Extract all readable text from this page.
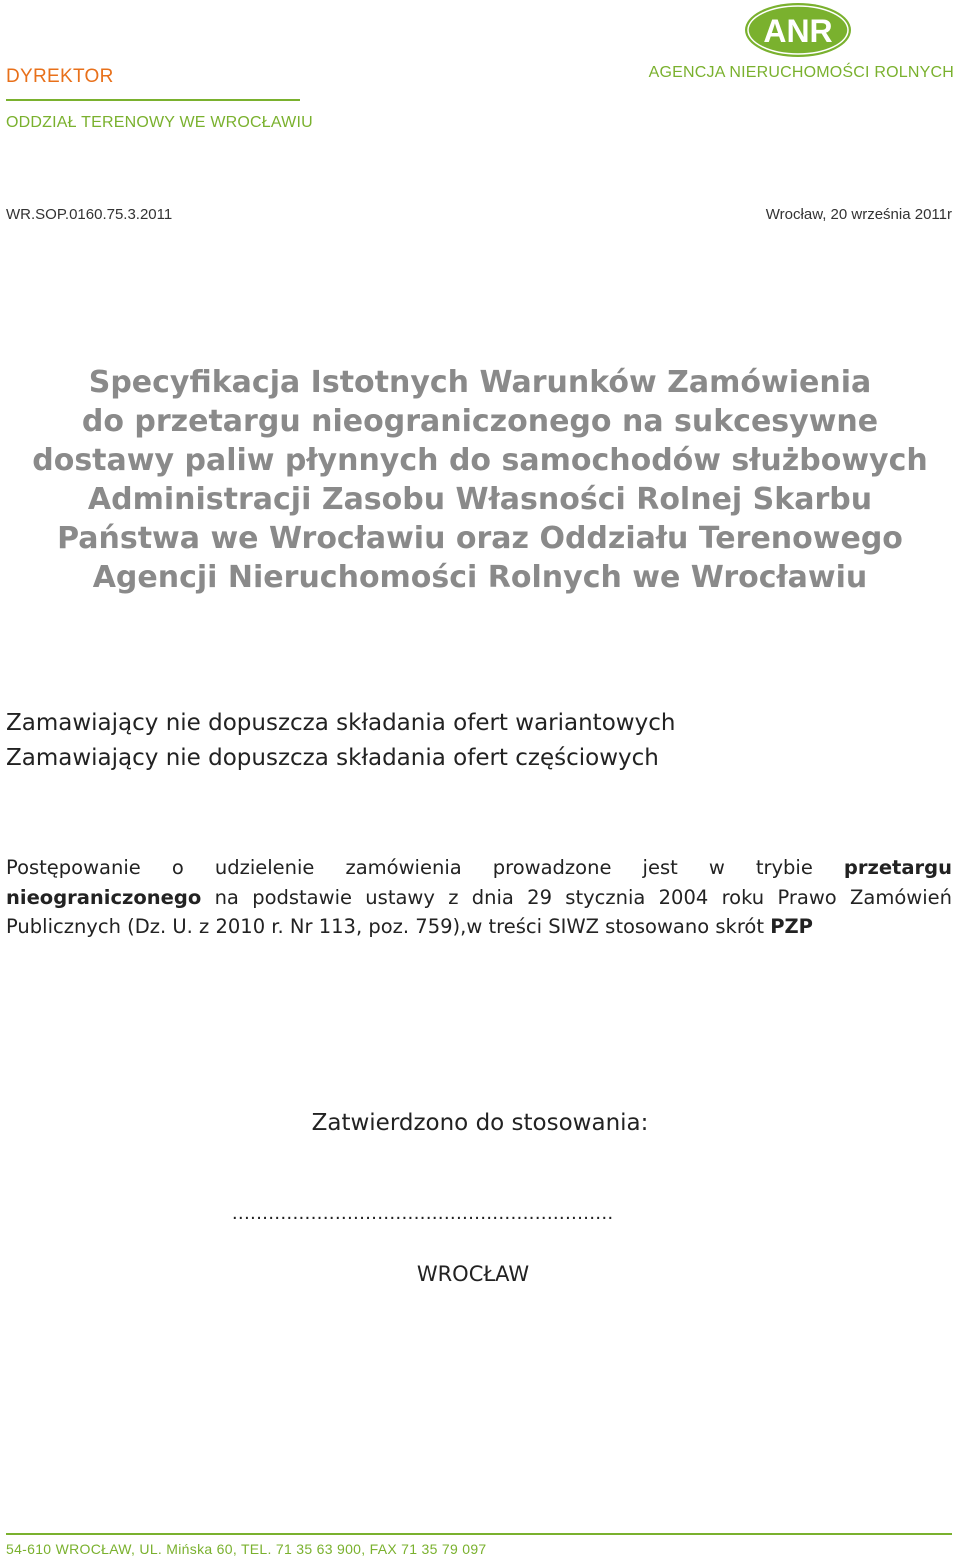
DYREKTOR
ODDZIAŁ TERENOWY WE WROCŁAWIU
ANR
AGENCJA NIERUCHOMOŚCI ROLNYCH
WR.SOP.0160.75.3.2011	Wrocław, 20 września 2011r
Specyfikacja Istotnych Warunków Zamówienia
do przetargu nieograniczonego na sukcesywne
dostawy paliw płynnych do samochodów służbowych
Administracji Zasobu Własności Rolnej Skarbu
Państwa we Wrocławiu oraz Oddziału Terenowego
Agencji Nieruchomości Rolnych we Wrocławiu
Zamawiający nie dopuszcza składania ofert wariantowych
Zamawiający nie dopuszcza składania ofert częściowych
Postępowanie o udzielenie zamówienia prowadzone jest w trybie przetargu nieograniczonego na podstawie ustawy z dnia 29 stycznia 2004 roku Prawo Zamówień Publicznych (Dz. U. z 2010 r. Nr 113, poz. 759),w treści SIWZ stosowano skrót PZP
Zatwierdzono do stosowania:
...............................................................
WROCŁAW
54-610 WROCŁAW, UL. Mińska 60, TEL. 71 35 63 900, FAX 71 35 79 097
